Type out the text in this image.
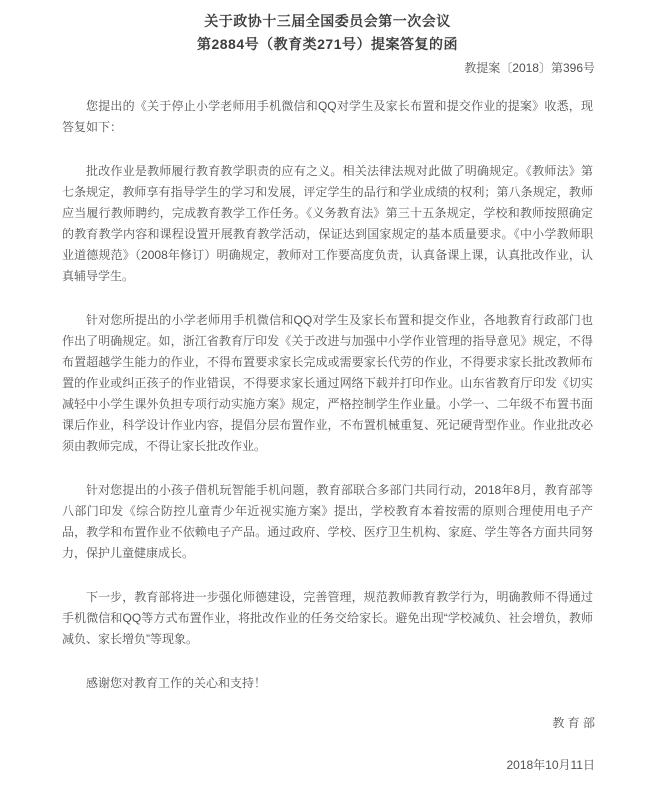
关于政协十三届全国委员会第一次会议
第2884号（教育类271号）提案答复的函
教提案〔2018〕第396号

您提出的《关于停止小学老师用手机微信和QQ对学生及家长布置和提交作业的提案》收悉，现答复如下：

批改作业是教师履行教育教学职责的应有之义。相关法律法规对此做了明确规定。《教师法》第七条规定，教师享有指导学生的学习和发展，评定学生的品行和学业成绩的权利；第八条规定，教师应当履行教师聘约，完成教育教学工作任务。《义务教育法》第三十五条规定，学校和教师按照确定的教育教学内容和课程设置开展教育教学活动，保证达到国家规定的基本质量要求。《中小学教师职业道德规范》（2008年修订）明确规定，教师对工作要高度负责，认真备课上课，认真批改作业，认真辅导学生。

针对您所提出的小学老师用手机微信和QQ对学生及家长布置和提交作业，各地教育行政部门也作出了明确规定。如，浙江省教育厅印发《关于改进与加强中小学作业管理的指导意见》规定，不得布置超越学生能力的作业，不得布置要求家长完成或需要家长代劳的作业，不得要求家长批改教师布置的作业或纠正孩子的作业错误，不得要求家长通过网络下载并打印作业。山东省教育厅印发《切实减轻中小学生课外负担专项行动实施方案》规定，严格控制学生作业量。小学一、二年级不布置书面课后作业，科学设计作业内容，提倡分层布置作业，不布置机械重复、死记硬背型作业。作业批改必须由教师完成，不得让家长批改作业。

针对您提出的小孩子借机玩智能手机问题，教育部联合多部门共同行动，2018年8月，教育部等八部门印发《综合防控儿童青少年近视实施方案》提出，学校教育本着按需的原则合理使用电子产品，教学和布置作业不依赖电子产品。通过政府、学校、医疗卫生机构、家庭、学生等各方面共同努力，保护儿童健康成长。

下一步，教育部将进一步强化师德建设，完善管理，规范教师教育教学行为，明确教师不得通过手机微信和QQ等方式布置作业，将批改作业的任务交给家长。避免出现“学校减负、社会增负，教师减负、家长增负”等现象。

感谢您对教育工作的关心和支持！

教 育 部
2018年10月11日
